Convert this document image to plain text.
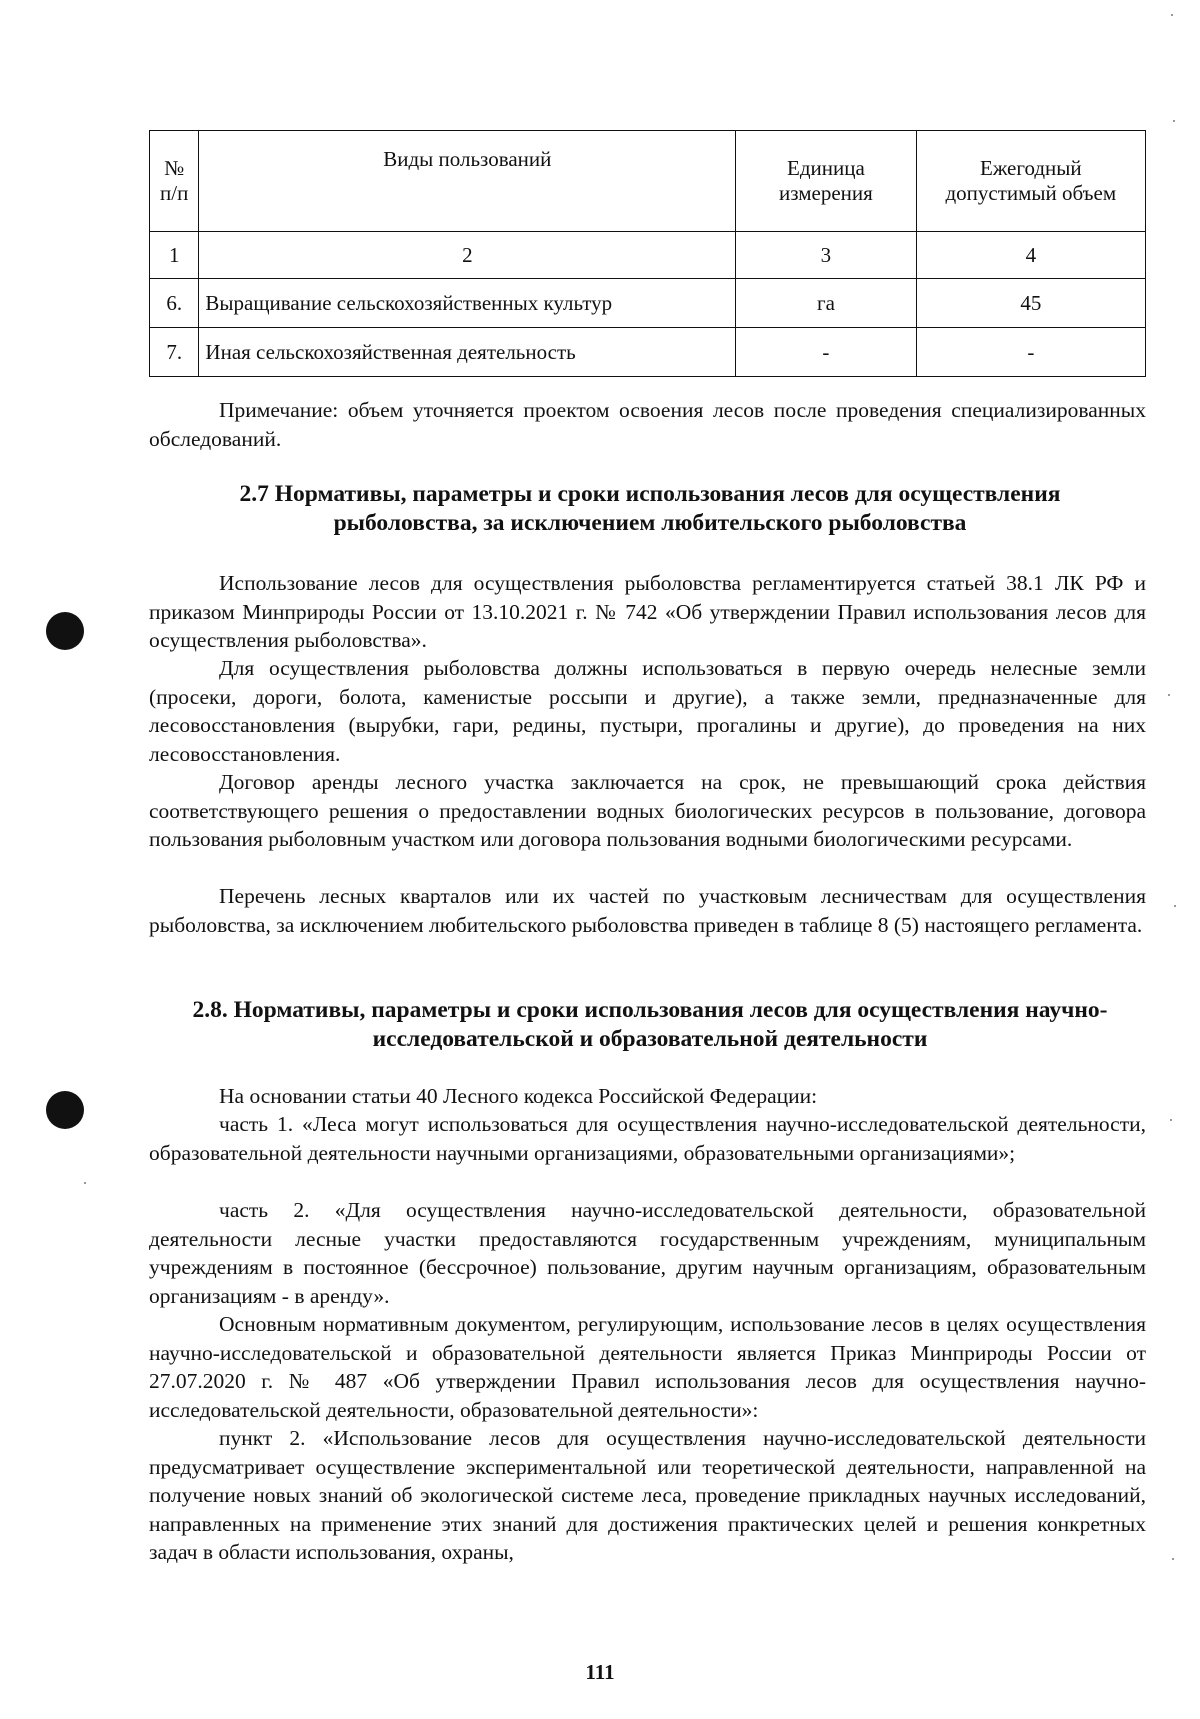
№ п/п	Виды пользований	Единица измерения	Ежегодный допустимый объем
1	2	3	4
6.	Выращивание сельскохозяйственных культур	га	45
7.	Иная сельскохозяйственная деятельность	-	-

Примечание: объем уточняется проектом освоения лесов после проведения специализированных обследований.

2.7 Нормативы, параметры и сроки использования лесов для осуществления рыболовства, за исключением любительского рыболовства

Использование лесов для осуществления рыболовства регламентируется статьей 38.1 ЛК РФ и приказом Минприроды России от 13.10.2021 г. № 742 «Об утверждении Правил использования лесов для осуществления рыболовства».

Для осуществления рыболовства должны использоваться в первую очередь нелесные земли (просеки, дороги, болота, каменистые россыпи и другие), а также земли, предназначенные для лесовосстановления (вырубки, гари, редины, пустыри, прогалины и другие), до проведения на них лесовосстановления.

Договор аренды лесного участка заключается на срок, не превышающий срока действия соответствующего решения о предоставлении водных биологических ресурсов в пользование, договора пользования рыболовным участком или договора пользования водными биологическими ресурсами.

Перечень лесных кварталов или их частей по участковым лесничествам для осуществления рыболовства, за исключением любительского рыболовства приведен в таблице 8 (5) настоящего регламента.

2.8. Нормативы, параметры и сроки использования лесов для осуществления научно-исследовательской и образовательной деятельности

На основании статьи 40 Лесного кодекса Российской Федерации:

часть 1. «Леса могут использоваться для осуществления научно-исследовательской деятельности, образовательной деятельности научными организациями, образовательными организациями»;

часть 2. «Для осуществления научно-исследовательской деятельности, образовательной деятельности лесные участки предоставляются государственным учреждениям, муниципальным учреждениям в постоянное (бессрочное) пользование, другим научным организациям, образовательным организациям - в аренду».

Основным нормативным документом, регулирующим, использование лесов в целях осуществления научно-исследовательской и образовательной деятельности является Приказ Минприроды России от 27.07.2020 г. № 487 «Об утверждении Правил использования лесов для осуществления научно-исследовательской деятельности, образовательной деятельности»:

пункт 2. «Использование лесов для осуществления научно-исследовательской деятельности предусматривает осуществление экспериментальной или теоретической деятельности, направленной на получение новых знаний об экологической системе леса, проведение прикладных научных исследований, направленных на применение этих знаний для достижения практических целей и решения конкретных задач в области использования, охраны,

111
